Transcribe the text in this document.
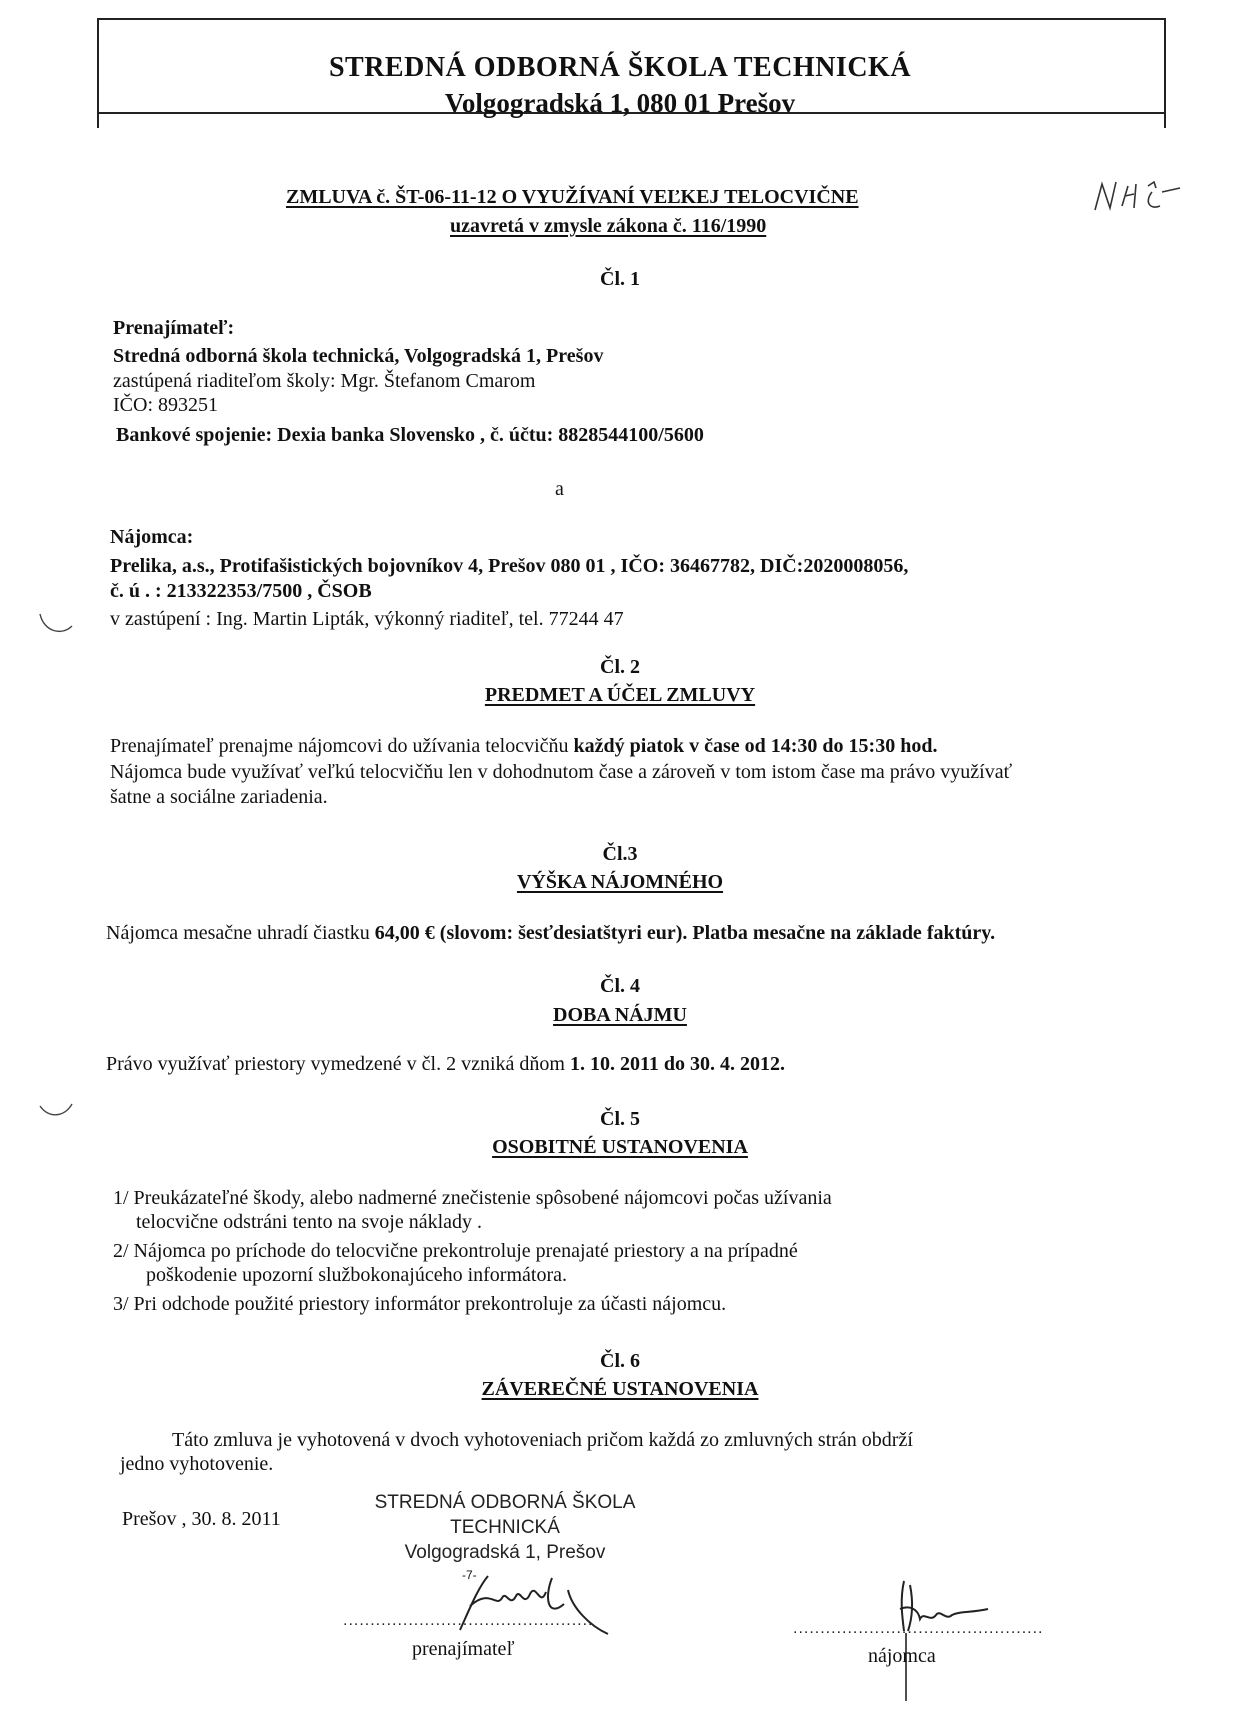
STREDNÁ ODBORNÁ ŠKOLA TECHNICKÁ
Volgogradská 1, 080 01 Prešov
ZMLUVA č. ŠT-06-11-12 O VYUŽÍVANÍ VEĽKEJ TELOCVIČNE
uzavretá v zmysle zákona č. 116/1990
Čl. 1
Prenajímateľ:
Stredná odborná škola technická, Volgogradská 1, Prešov
zastúpená riaditeľom školy: Mgr. Štefanom Cmarom
IČO: 893251
Bankové spojenie: Dexia banka Slovensko , č. účtu: 8828544100/5600
a
Nájomca:
Prelika, a.s., Protifašistických bojovníkov 4, Prešov 080 01 , IČO: 36467782, DIČ:2020008056,
č. ú . : 213322353/7500 , ČSOB
v zastúpení : Ing. Martin Lipták, výkonný riaditeľ, tel. 77244 47
Čl. 2
PREDMET A ÚČEL ZMLUVY
Prenajímateľ prenajme nájomcovi do užívania telocvičňu každý piatok v čase od 14:30 do 15:30 hod.
Nájomca bude využívať veľkú telocvičňu len v dohodnutom čase a zároveň v tom istom čase ma právo využívať
šatne a sociálne zariadenia.
Čl.3
VÝŠKA NÁJOMNÉHO
Nájomca mesačne uhradí čiastku 64,00 € (slovom: šesťdesiatštyri eur). Platba mesačne na základe faktúry.
Čl. 4
DOBA NÁJMU
Právo využívať priestory vymedzené v čl. 2 vzniká dňom 1. 10. 2011 do 30. 4. 2012.
Čl. 5
OSOBITNÉ USTANOVENIA
1/ Preukázateľné škody, alebo nadmerné znečistenie spôsobené nájomcovi počas užívania
telocvične odstráni tento na svoje náklady .
2/ Nájomca po príchode do telocvične prekontroluje prenajaté priestory a na prípadné
poškodenie upozorní službokonajúceho informátora.
3/ Pri odchode použité priestory informátor prekontroluje za účasti nájomcu.
Čl. 6
ZÁVEREČNÉ USTANOVENIA
Táto zmluva je vyhotovená v dvoch vyhotoveniach pričom každá zo zmluvných strán obdrží
jedno vyhotovenie.
Prešov , 30. 8. 2011
STREDNÁ ODBORNÁ ŠKOLA
TECHNICKÁ
Volgogradská 1, Prešov
-7-
..............................................
prenajímateľ
..............................................
nájomca
